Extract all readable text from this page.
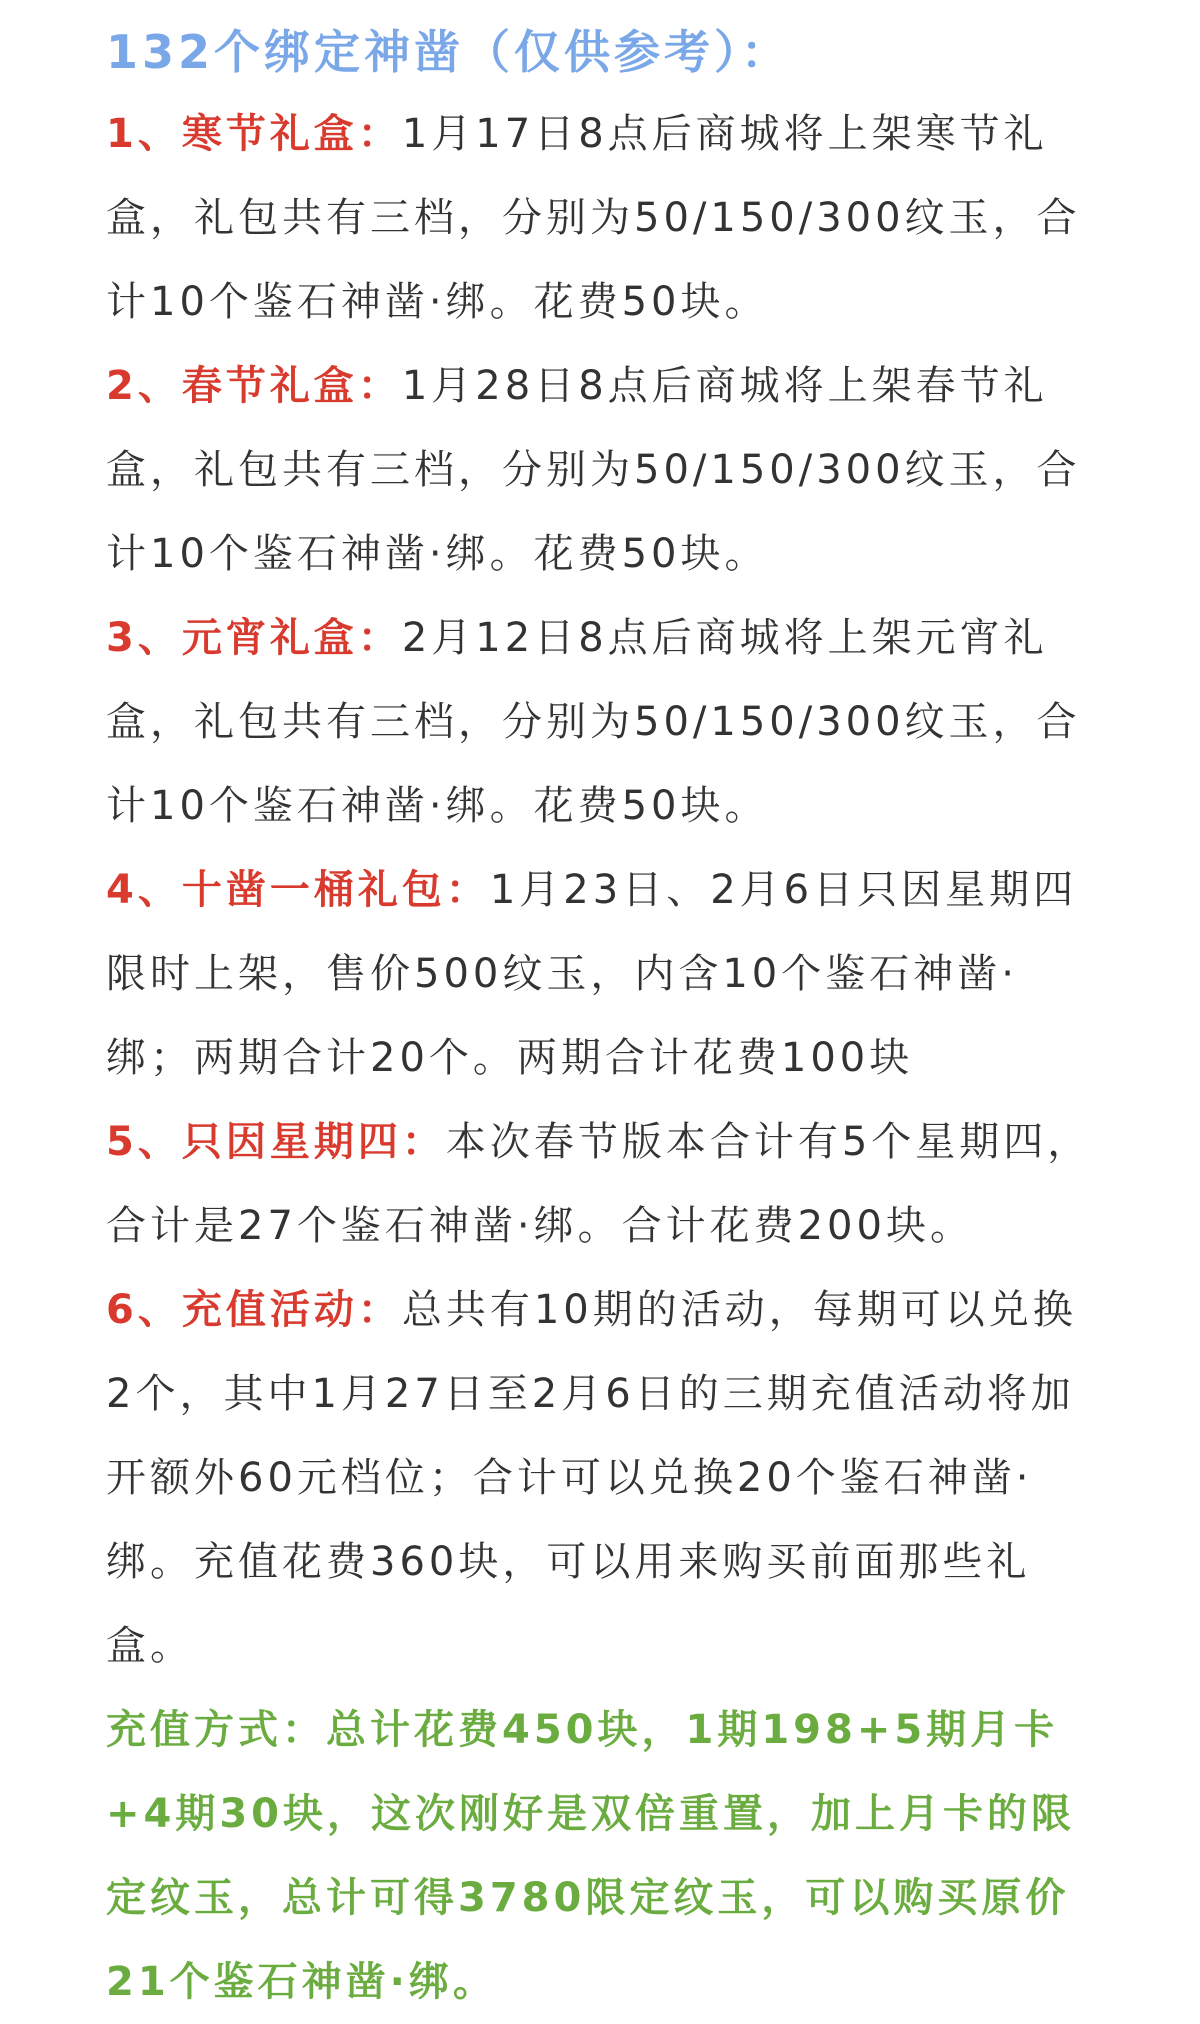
132个绑定神凿（仅供参考）：

1、寒节礼盒：1月17日8点后商城将上架寒节礼盒，礼包共有三档，分别为50/150/300纹玉，合计10个鉴石神凿·绑。花费50块。

2、春节礼盒：1月28日8点后商城将上架春节礼盒，礼包共有三档，分别为50/150/300纹玉，合计10个鉴石神凿·绑。花费50块。

3、元宵礼盒：2月12日8点后商城将上架元宵礼盒，礼包共有三档，分别为50/150/300纹玉，合计10个鉴石神凿·绑。花费50块。

4、十凿一桶礼包：1月23日、2月6日只因星期四限时上架，售价500纹玉，内含10个鉴石神凿·绑；两期合计20个。两期合计花费100块

5、只因星期四：本次春节版本合计有5个星期四，合计是27个鉴石神凿·绑。合计花费200块。

6、充值活动：总共有10期的活动，每期可以兑换2个，其中1月27日至2月6日的三期充值活动将加开额外60元档位；合计可以兑换20个鉴石神凿·绑。充值花费360块，可以用来购买前面那些礼盒。

充值方式：总计花费450块，1期198+5期月卡+4期30块，这次刚好是双倍重置，加上月卡的限定纹玉，总计可得3780限定纹玉，可以购买原价21个鉴石神凿·绑。
